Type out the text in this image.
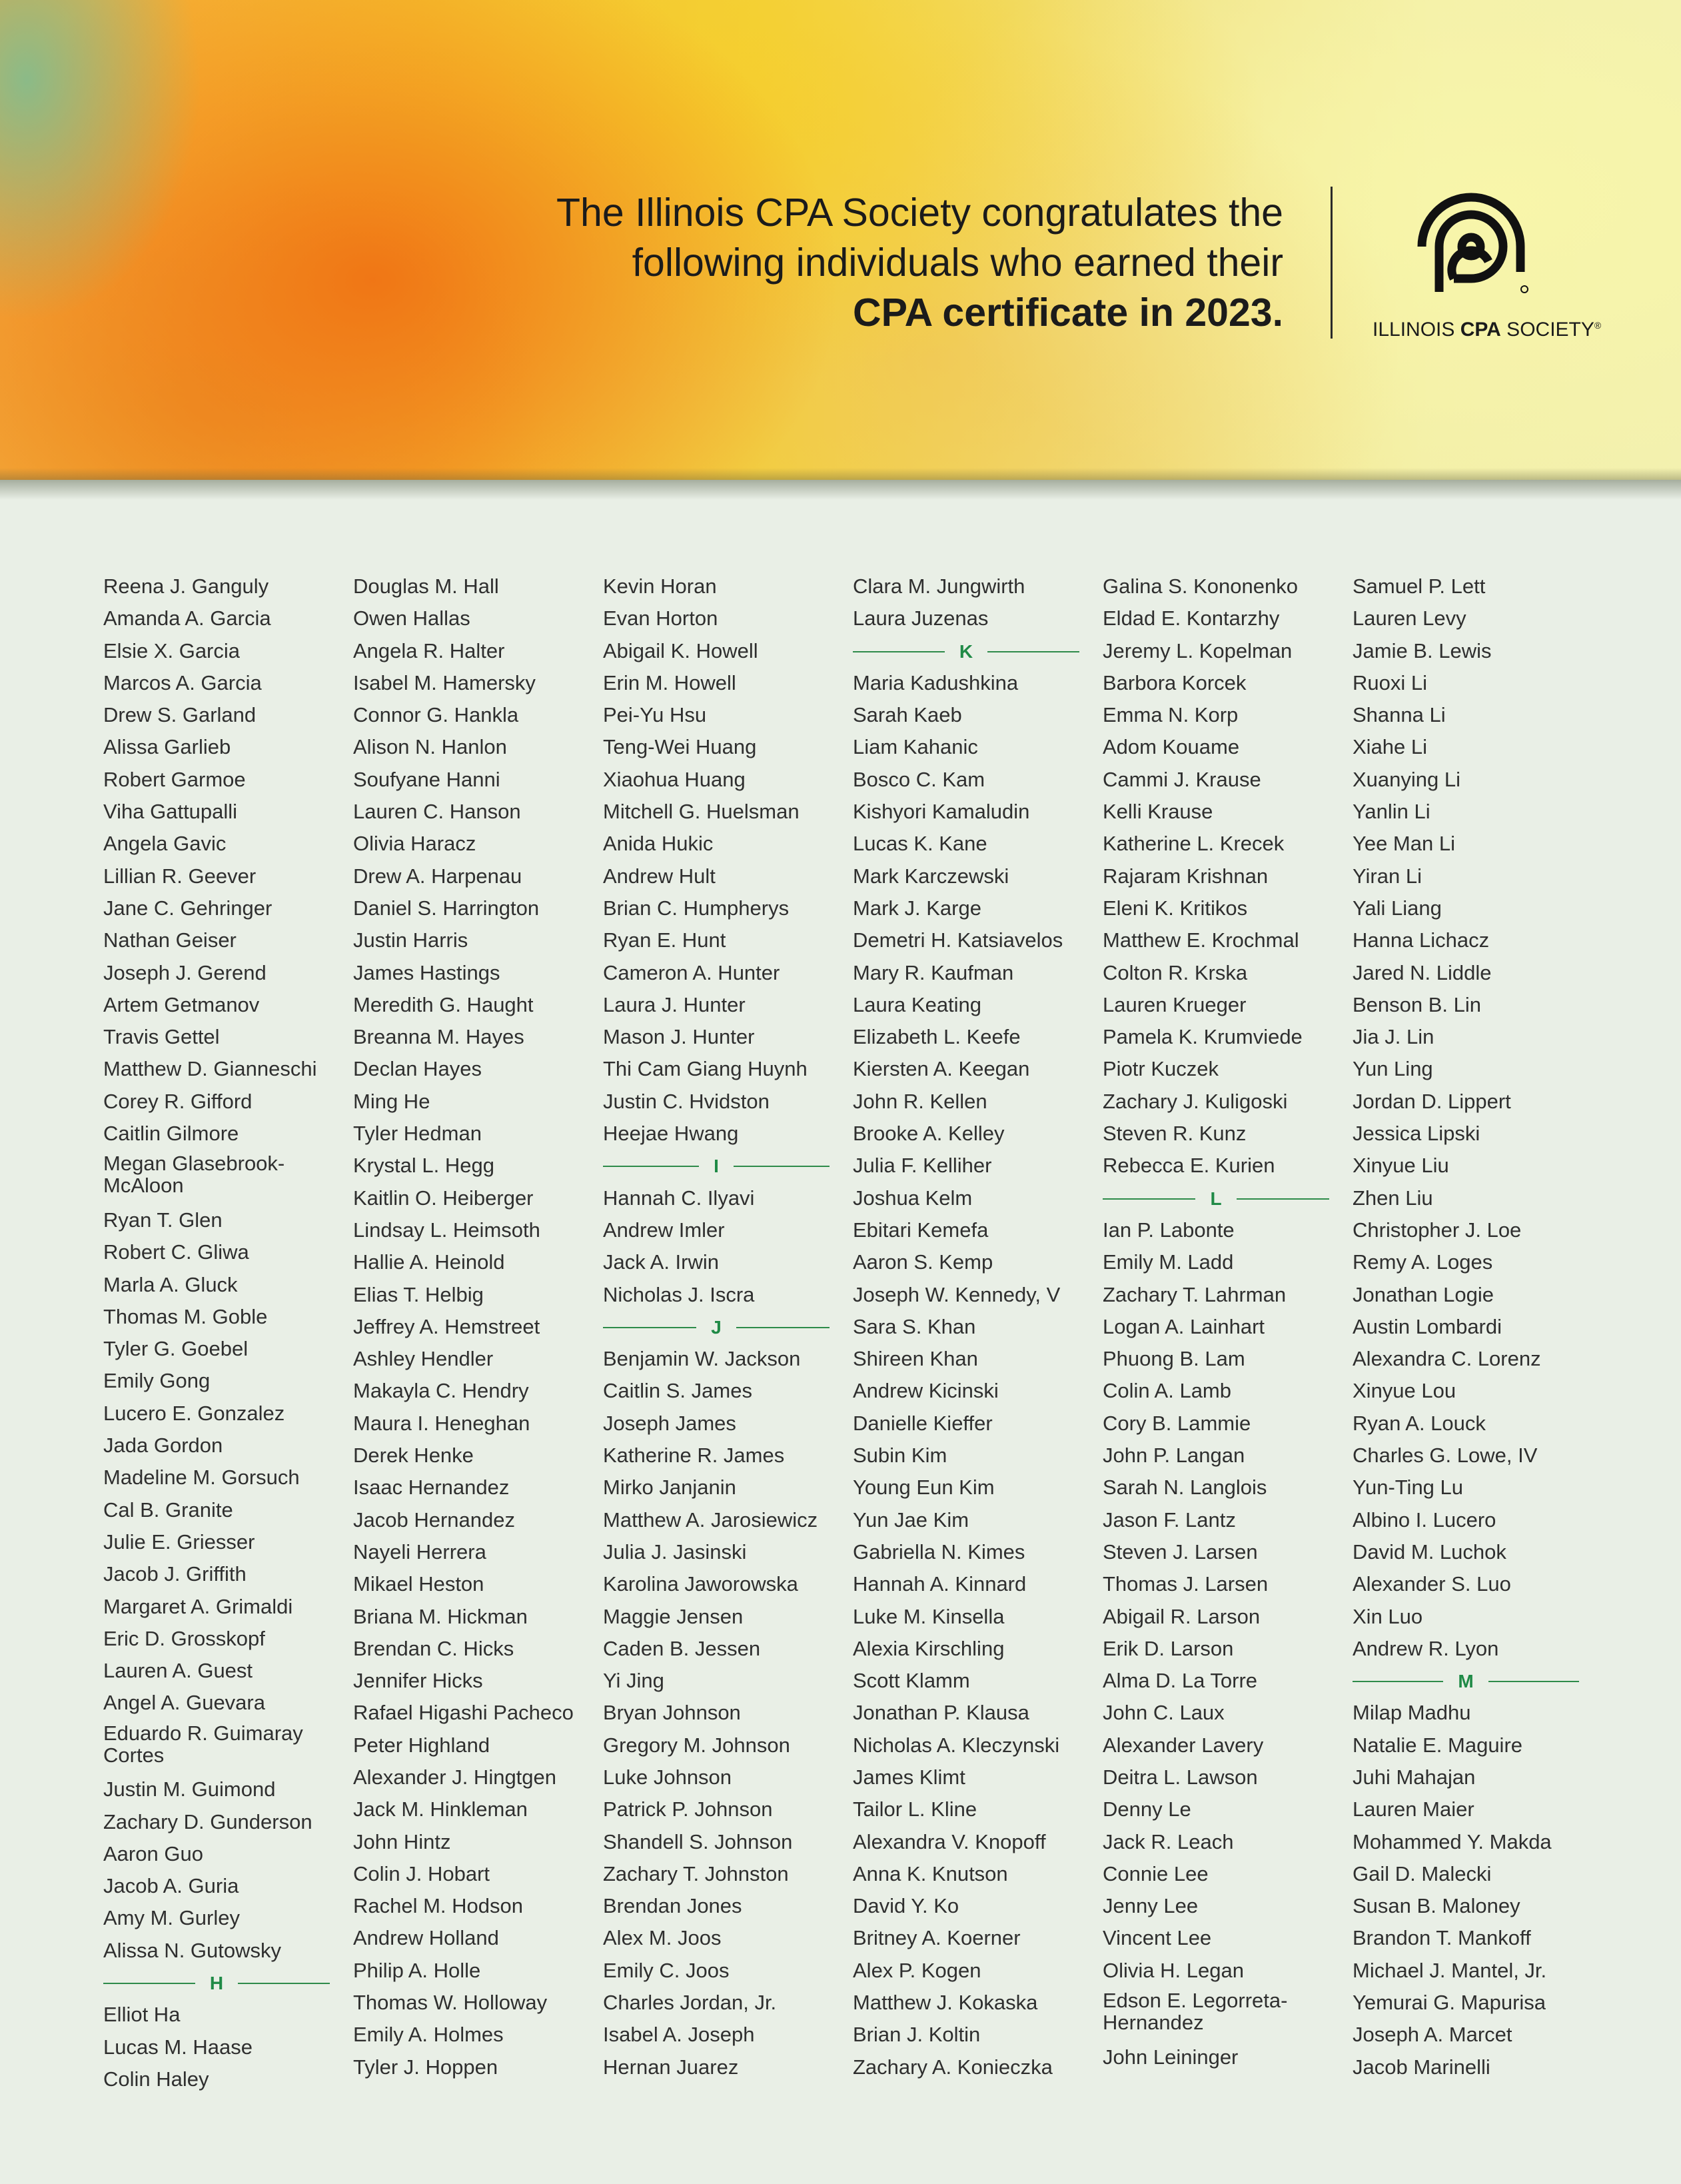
The Illinois CPA Society congratulates the
following individuals who earned their
CPA certificate in 2023.	ILLINOIS CPA SOCIETY®
Reena J. Ganguly
Amanda A. Garcia
Elsie X. Garcia
Marcos A. Garcia
Drew S. Garland
Alissa Garlieb
Robert Garmoe
Viha Gattupalli
Angela Gavic
Lillian R. Geever
Jane C. Gehringer
Nathan Geiser
Joseph J. Gerend
Artem Getmanov
Travis Gettel
Matthew D. Gianneschi
Corey R. Gifford
Caitlin Gilmore
Megan Glasebrook-McAloon
Ryan T. Glen
Robert C. Gliwa
Marla A. Gluck
Thomas M. Goble
Tyler G. Goebel
Emily Gong
Lucero E. Gonzalez
Jada Gordon
Madeline M. Gorsuch
Cal B. Granite
Julie E. Griesser
Jacob J. Griffith
Margaret A. Grimaldi
Eric D. Grosskopf
Lauren A. Guest
Angel A. Guevara
Eduardo R. Guimaray Cortes
Justin M. Guimond
Zachary D. Gunderson
Aaron Guo
Jacob A. Guria
Amy M. Gurley
Alissa N. Gutowsky
H
Elliot Ha
Lucas M. Haase
Colin Haley
Douglas M. Hall
Owen Hallas
Angela R. Halter
Isabel M. Hamersky
Connor G. Hankla
Alison N. Hanlon
Soufyane Hanni
Lauren C. Hanson
Olivia Haracz
Drew A. Harpenau
Daniel S. Harrington
Justin Harris
James Hastings
Meredith G. Haught
Breanna M. Hayes
Declan Hayes
Ming He
Tyler Hedman
Krystal L. Hegg
Kaitlin O. Heiberger
Lindsay L. Heimsoth
Hallie A. Heinold
Elias T. Helbig
Jeffrey A. Hemstreet
Ashley Hendler
Makayla C. Hendry
Maura I. Heneghan
Derek Henke
Isaac Hernandez
Jacob Hernandez
Nayeli Herrera
Mikael Heston
Briana M. Hickman
Brendan C. Hicks
Jennifer Hicks
Rafael Higashi Pacheco
Peter Highland
Alexander J. Hingtgen
Jack M. Hinkleman
John Hintz
Colin J. Hobart
Rachel M. Hodson
Andrew Holland
Philip A. Holle
Thomas W. Holloway
Emily A. Holmes
Tyler J. Hoppen
Kevin Horan
Evan Horton
Abigail K. Howell
Erin M. Howell
Pei-Yu Hsu
Teng-Wei Huang
Xiaohua Huang
Mitchell G. Huelsman
Anida Hukic
Andrew Hult
Brian C. Humpherys
Ryan E. Hunt
Cameron A. Hunter
Laura J. Hunter
Mason J. Hunter
Thi Cam Giang Huynh
Justin C. Hvidston
Heejae Hwang
I
Hannah C. Ilyavi
Andrew Imler
Jack A. Irwin
Nicholas J. Iscra
J
Benjamin W. Jackson
Caitlin S. James
Joseph James
Katherine R. James
Mirko Janjanin
Matthew A. Jarosiewicz
Julia J. Jasinski
Karolina Jaworowska
Maggie Jensen
Caden B. Jessen
Yi Jing
Bryan Johnson
Gregory M. Johnson
Luke Johnson
Patrick P. Johnson
Shandell S. Johnson
Zachary T. Johnston
Brendan Jones
Alex M. Joos
Emily C. Joos
Charles Jordan, Jr.
Isabel A. Joseph
Hernan Juarez
Clara M. Jungwirth
Laura Juzenas
K
Maria Kadushkina
Sarah Kaeb
Liam Kahanic
Bosco C. Kam
Kishyori Kamaludin
Lucas K. Kane
Mark Karczewski
Mark J. Karge
Demetri H. Katsiavelos
Mary R. Kaufman
Laura Keating
Elizabeth L. Keefe
Kiersten A. Keegan
John R. Kellen
Brooke A. Kelley
Julia F. Kelliher
Joshua Kelm
Ebitari Kemefa
Aaron S. Kemp
Joseph W. Kennedy, V
Sara S. Khan
Shireen Khan
Andrew Kicinski
Danielle Kieffer
Subin Kim
Young Eun Kim
Yun Jae Kim
Gabriella N. Kimes
Hannah A. Kinnard
Luke M. Kinsella
Alexia Kirschling
Scott Klamm
Jonathan P. Klausa
Nicholas A. Kleczynski
James Klimt
Tailor L. Kline
Alexandra V. Knopoff
Anna K. Knutson
David Y. Ko
Britney A. Koerner
Alex P. Kogen
Matthew J. Kokaska
Brian J. Koltin
Zachary A. Konieczka
Galina S. Kononenko
Eldad E. Kontarzhy
Jeremy L. Kopelman
Barbora Korcek
Emma N. Korp
Adom Kouame
Cammi J. Krause
Kelli Krause
Katherine L. Krecek
Rajaram Krishnan
Eleni K. Kritikos
Matthew E. Krochmal
Colton R. Krska
Lauren Krueger
Pamela K. Krumviede
Piotr Kuczek
Zachary J. Kuligoski
Steven R. Kunz
Rebecca E. Kurien
L
Ian P. Labonte
Emily M. Ladd
Zachary T. Lahrman
Logan A. Lainhart
Phuong B. Lam
Colin A. Lamb
Cory B. Lammie
John P. Langan
Sarah N. Langlois
Jason F. Lantz
Steven J. Larsen
Thomas J. Larsen
Abigail R. Larson
Erik D. Larson
Alma D. La Torre
John C. Laux
Alexander Lavery
Deitra L. Lawson
Denny Le
Jack R. Leach
Connie Lee
Jenny Lee
Vincent Lee
Olivia H. Legan
Edson E. Legorreta-Hernandez
John Leininger
Samuel P. Lett
Lauren Levy
Jamie B. Lewis
Ruoxi Li
Shanna Li
Xiahe Li
Xuanying Li
Yanlin Li
Yee Man Li
Yiran Li
Yali Liang
Hanna Lichacz
Jared N. Liddle
Benson B. Lin
Jia J. Lin
Yun Ling
Jordan D. Lippert
Jessica Lipski
Xinyue Liu
Zhen Liu
Christopher J. Loe
Remy A. Loges
Jonathan Logie
Austin Lombardi
Alexandra C. Lorenz
Xinyue Lou
Ryan A. Louck
Charles G. Lowe, IV
Yun-Ting Lu
Albino I. Lucero
David M. Luchok
Alexander S. Luo
Xin Luo
Andrew R. Lyon
M
Milap Madhu
Natalie E. Maguire
Juhi Mahajan
Lauren Maier
Mohammed Y. Makda
Gail D. Malecki
Susan B. Maloney
Brandon T. Mankoff
Michael J. Mantel, Jr.
Yemurai G. Mapurisa
Joseph A. Marcet
Jacob Marinelli
